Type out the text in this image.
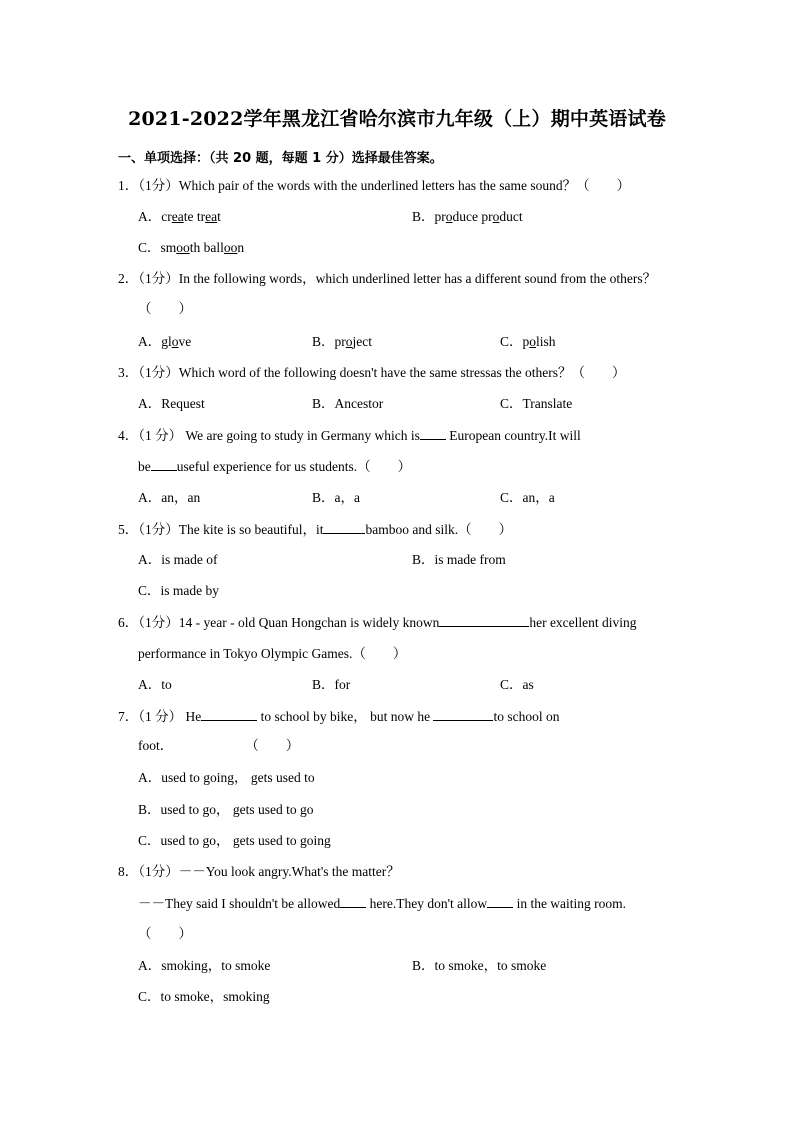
2021-2022学年黑龙江省哈尔滨市九年级（上）期中英语试卷
一、单项选择：（共 20 题，每题 1 分）选择最佳答案。
1．（1分）Which pair of the words with the underlined letters has the same sound？（　　）
A．create treat	B．produce product
C．smooth balloon
2．（1分）In the following words，which underlined letter has a different sound from the others？
（　　）
A．glove	B．project	C．polish
3．（1分）Which word of the following doesn't have the same stressas the others？（　　）
A．Request	B．Ancestor	C．Translate
4．（1 分） We are going to study in Germany which is European country.It will
be useful experience for us students.（　　）
A．an，an	B．a，a	C．an，a
5．（1分）The kite is so beautiful，it	bamboo and silk.（　　）
A．is made of	B．is made from
C．is made by
6．（1分）14 - year - old Quan Hongchan is widely known	her excellent diving
performance in Tokyo Olympic Games.（　　）
A．to	B．for	C．as
7．（1 分） He	to school by bike， but now he	to school on
foot．	（　　）
A．used to going， gets used to
B．used to go， gets used to go
C．used to go， gets used to going
8．（1分）－－You look angry.What's the matter？
－－They said I shouldn't be allowed here.They don't allow in the waiting room.
（　　）
A．smoking，to smoke	B．to smoke，to smoke
C．to smoke，smoking
